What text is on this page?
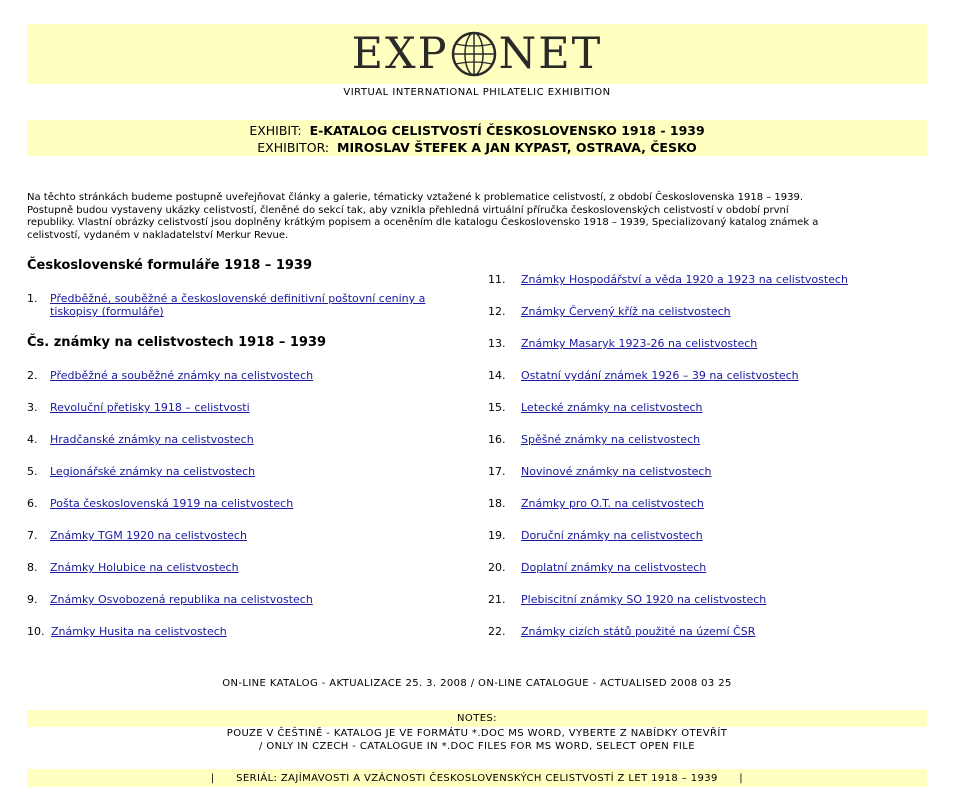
EXP NET
VIRTUAL INTERNATIONAL PHILATELIC EXHIBITION
EXHIBIT: E-KATALOG CELISTVOSTÍ ČESKOSLOVENSKO 1918 - 1939
EXHIBITOR: MIROSLAV ŠTEFEK A JAN KYPAST, OSTRAVA, ČESKO
Na těchto stránkách budeme postupně uveřejňovat články a galerie, tématicky vztažené k problematice celistvostí, z období Československa 1918 – 1939.
Postupně budou vystaveny ukázky celistvostí, členěné do sekcí tak, aby vznikla přehledná virtuální příručka československých celistvostí v období první
republiky. Vlastní obrázky celistvostí jsou doplněny krátkým popisem a oceněním dle katalogu Československo 1918 – 1939, Specializovaný katalog známek a
celistvostí, vydaném v nakladatelství Merkur Revue.
Československé formuláře 1918 – 1939
Čs. známky na celistvostech 1918 – 1939
1. Předběžné, souběžné a československé definitivní poštovní ceniny a
tiskopisy (formuláře)
2. Předběžné a souběžné známky na celistvostech
3. Revoluční přetisky 1918 – celistvosti
4. Hradčanské známky na celistvostech
5. Legionářské známky na celistvostech
6. Pošta československá 1919 na celistvostech
7. Známky TGM 1920 na celistvostech
8. Známky Holubice na celistvostech
9. Známky Osvobozená republika na celistvostech
10. Známky Husita na celistvostech
11. Známky Hospodářství a věda 1920 a 1923 na celistvostech
12. Známky Červený kříž na celistvostech
13. Známky Masaryk 1923-26 na celistvostech
14. Ostatní vydání známek 1926 – 39 na celistvostech
15. Letecké známky na celistvostech
16. Spěšné známky na celistvostech
17. Novinové známky na celistvostech
18. Známky pro O.T. na celistvostech
19. Doruční známky na celistvostech
20. Doplatní známky na celistvostech
21. Plebiscitní známky SO 1920 na celistvostech
22. Známky cizích států použité na území ČSR
ON-LINE KATALOG - AKTUALIZACE 25. 3. 2008 / ON-LINE CATALOGUE - ACTUALISED 2008 03 25
NOTES:
POUZE V ČEŠTINĚ - KATALOG JE VE FORMÁTU *.DOC MS WORD, VYBERTE Z NABÍDKY OTEVŘÍT
/ ONLY IN CZECH - CATALOGUE IN *.DOC FILES FOR MS WORD, SELECT OPEN FILE
| SERIÁL: ZAJÍMAVOSTI A VZÁCNOSTI ČESKOSLOVENSKÝCH CELISTVOSTÍ Z LET 1918 – 1939 |
